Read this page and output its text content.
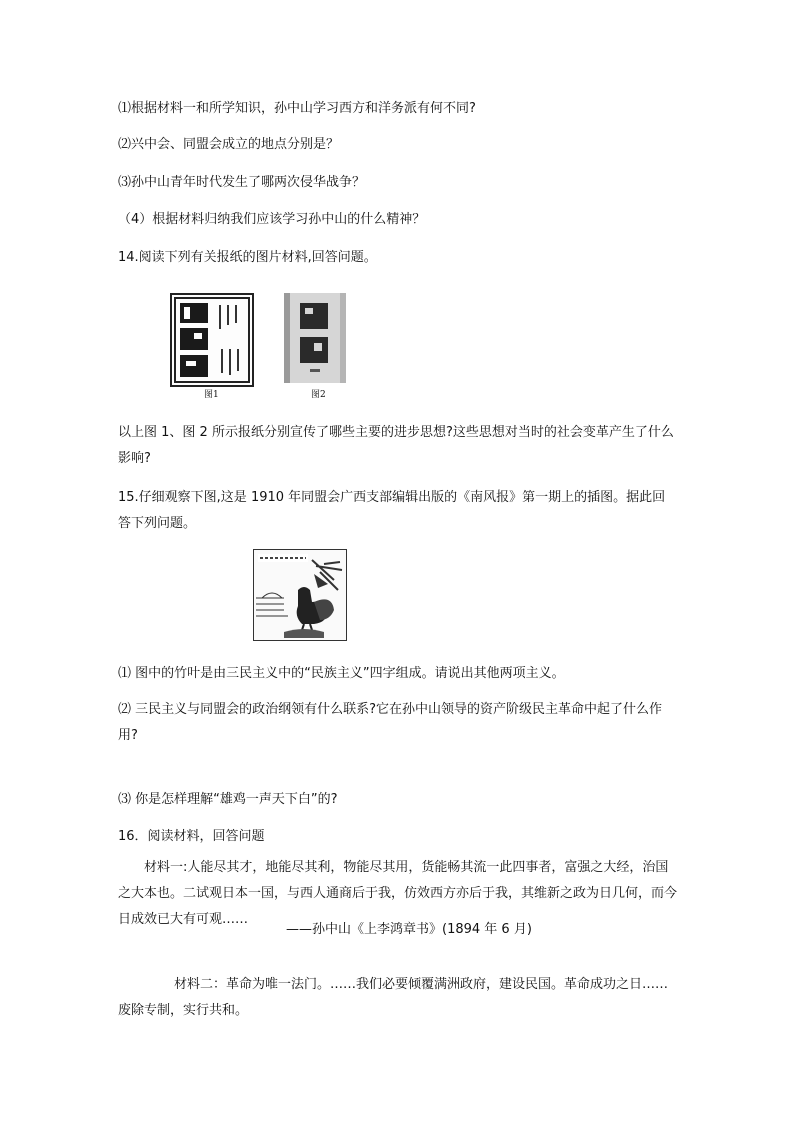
⑴根据材料一和所学知识，孙中山学习西方和洋务派有何不同?
⑵兴中会、同盟会成立的地点分别是？
⑶孙中山青年时代发生了哪两次侵华战争？
（4）根据材料归纳我们应该学习孙中山的什么精神？
14.阅读下列有关报纸的图片材料,回答问题。
图1	图2
以上图 1、图 2 所示报纸分别宣传了哪些主要的进步思想?这些思想对当时的社会变革产生了什么影响?
15.仔细观察下图,这是 1910 年同盟会广西支部编辑出版的《南风报》第一期上的插图。据此回答下列问题。
⑴ 图中的竹叶是由三民主义中的“民族主义”四字组成。请说出其他两项主义。
⑵ 三民主义与同盟会的政治纲领有什么联系?它在孙中山领导的资产阶级民主革命中起了什么作用?
⑶ 你是怎样理解“雄鸡一声天下白”的?
16．阅读材料，回答问题
材料一:人能尽其才，地能尽其利，物能尽其用，货能畅其流一此四事者，富强之大经，治国之大本也。二试观日本一国，与西人通商后于我，仿效西方亦后于我，其维新之政为日几何，而今日成效已大有可观……
——孙中山《上李鸿章书》(1894 年 6 月)
材料二：革命为唯一法门。……我们必要倾覆满洲政府，建设民国。革命成功之日……废除专制，实行共和。
